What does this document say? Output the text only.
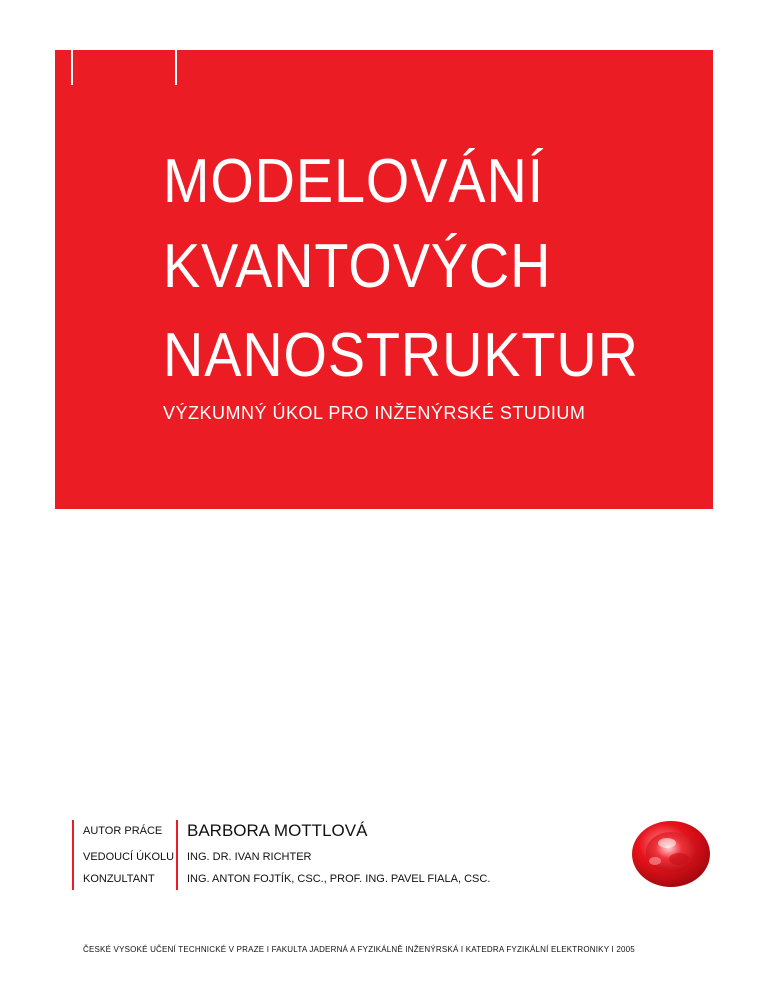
MODELOVÁNÍ
KVANTOVÝCH
NANOSTRUKTUR
VÝZKUMNÝ ÚKOL PRO INŽENÝRSKÉ STUDIUM
AUTOR PRÁCE
VEDOUCÍ ÚKOLU
KONZULTANT
BARBORA MOTTLOVÁ
ING. DR. IVAN RICHTER
ING. ANTON FOJTÍK, CSC., PROF. ING. PAVEL FIALA, CSC.
ČESKÉ VYSOKÉ UČENÍ TECHNICKÉ V PRAZE I FAKULTA JADERNÁ A FYZIKÁLNĚ INŽENÝRSKÁ I KATEDRA FYZIKÁLNÍ ELEKTRONIKY I 2005
